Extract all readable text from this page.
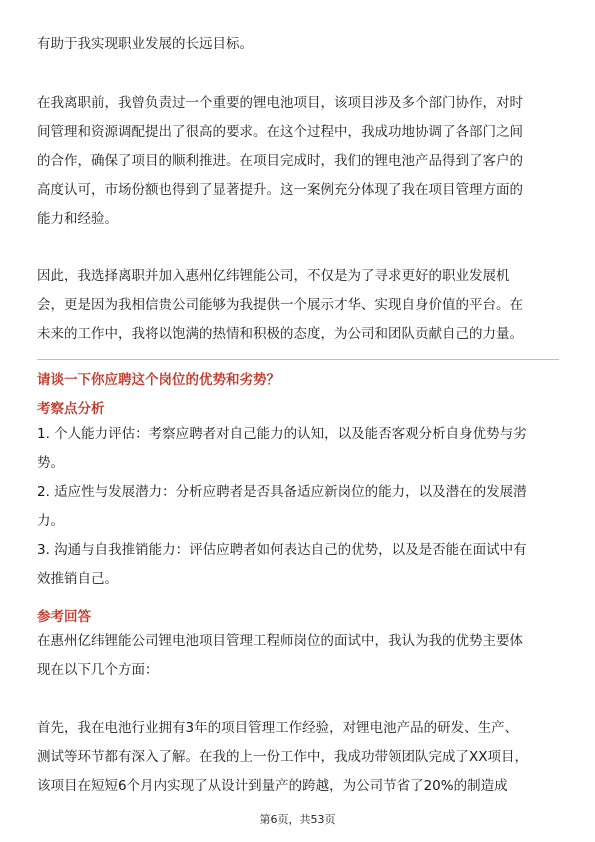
有助于我实现职业发展的长远目标。
在我离职前，我曾负责过一个重要的锂电池项目，该项目涉及多个部门协作，对时
间管理和资源调配提出了很高的要求。在这个过程中，我成功地协调了各部门之间
的合作，确保了项目的顺利推进。在项目完成时，我们的锂电池产品得到了客户的
高度认可，市场份额也得到了显著提升。这一案例充分体现了我在项目管理方面的
能力和经验。
因此，我选择离职并加入惠州亿纬锂能公司，不仅是为了寻求更好的职业发展机
会，更是因为我相信贵公司能够为我提供一个展示才华、实现自身价值的平台。在
未来的工作中，我将以饱满的热情和积极的态度，为公司和团队贡献自己的力量。
请谈一下你应聘这个岗位的优势和劣势？
考察点分析
1. 个人能力评估：考察应聘者对自己能力的认知，以及能否客观分析自身优势与劣
势。
2. 适应性与发展潜力：分析应聘者是否具备适应新岗位的能力，以及潜在的发展潜
力。
3. 沟通与自我推销能力：评估应聘者如何表达自己的优势，以及是否能在面试中有
效推销自己。
参考回答
在惠州亿纬锂能公司锂电池项目管理工程师岗位的面试中，我认为我的优势主要体
现在以下几个方面：
首先，我在电池行业拥有3年的项目管理工作经验，对锂电池产品的研发、生产、
测试等环节都有深入了解。在我的上一份工作中，我成功带领团队完成了XX项目，
该项目在短短6个月内实现了从设计到量产的跨越，为公司节省了20%的制造成
第6页，共53页
